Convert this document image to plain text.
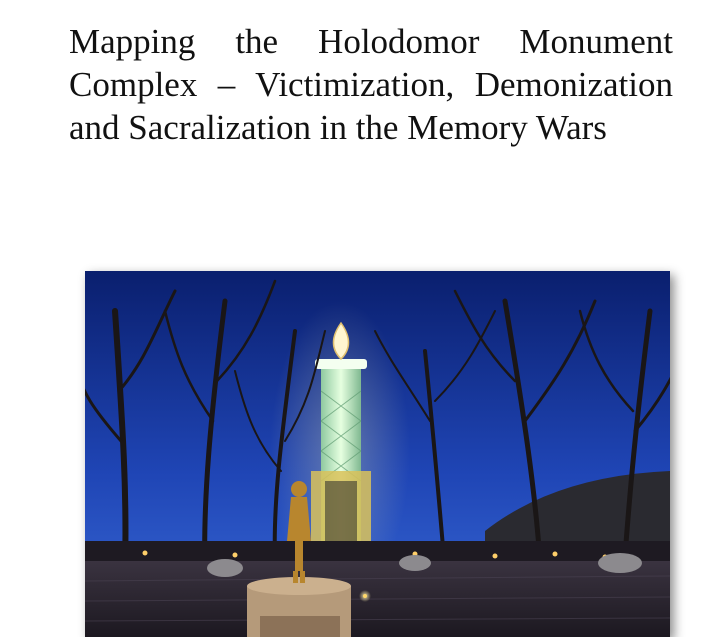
Mapping the Holodomor Monument Complex – Victimization, Demonization and Sacralization in the Memory Wars
